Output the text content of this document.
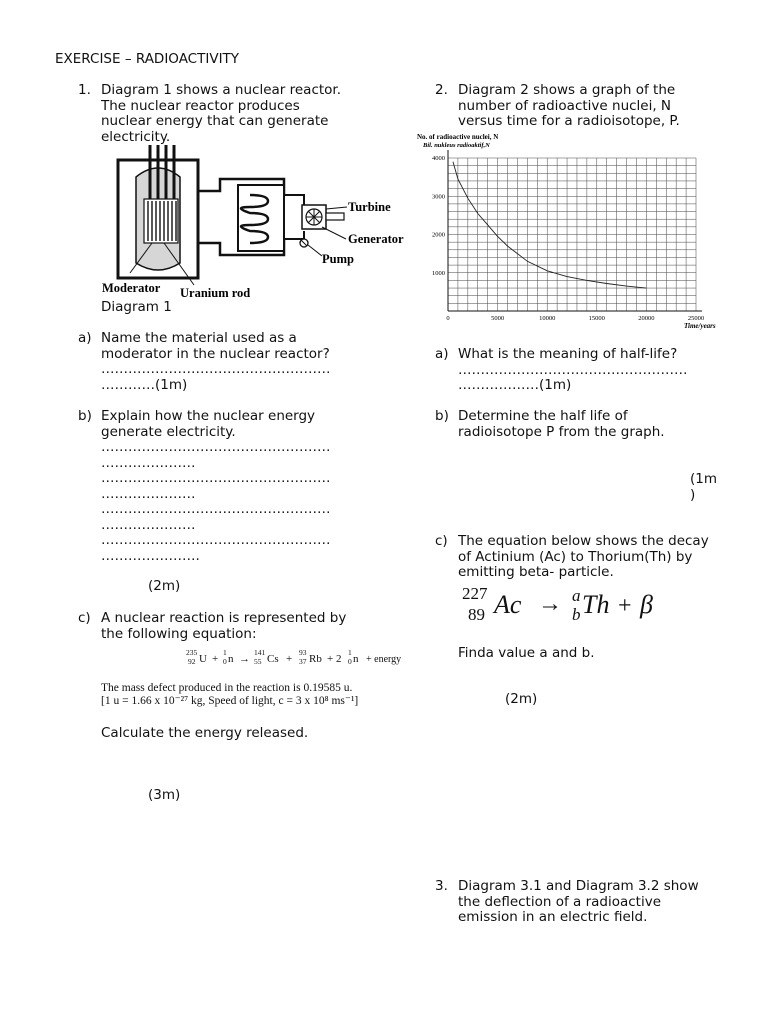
EXERCISE – RADIOACTIVITY
1. Diagram 1 shows a nuclear reactor.
The nuclear reactor produces
nuclear energy that can generate
electricity.
Turbine
Generator
Pump
Moderator Uranium rod
Diagram 1
a) Name the material used as a
moderator in the nuclear reactor?
……………………………………………
…………(1m)
b) Explain how the nuclear energy
generate electricity.
……………………………………………
…………………
……………………………………………
…………………
……………………………………………
…………………
……………………………………………
………………….
(2m)
c) A nuclear reaction is represented by
the following equation:
235
92 U +
1
0 n →
141
55 Cs +
93
37 Rb + 2
1
0 n + energy
The mass defect produced in the reaction is 0.19585 u.
[1 u = 1.66 x 10⁻²⁷ kg, Speed of light, c = 3 x 10⁸ ms⁻¹]
Calculate the energy released.
(3m)
2. Diagram 2 shows a graph of the
number of radioactive nuclei, N
versus time for a radioisotope, P.
No. of radioactive nuclei, N
Bil. nukleus radioaktif,N
0	5000	10000	15000	20000	25000
1000
2000
3000
4000
Time/years
a) What is the meaning of half-life?
……………………………………………
………………(1m)
b) Determine the half life of
radioisotope P from the graph.
(1m
)
c) The equation below shows the decay
of Actinium (Ac) to Thorium(Th) by
emitting beta- particle.
227
89 Ac → a
b Th + β
Finda value a and b.
(2m)
3. Diagram 3.1 and Diagram 3.2 show
the deflection of a radioactive
emission in an electric field.
